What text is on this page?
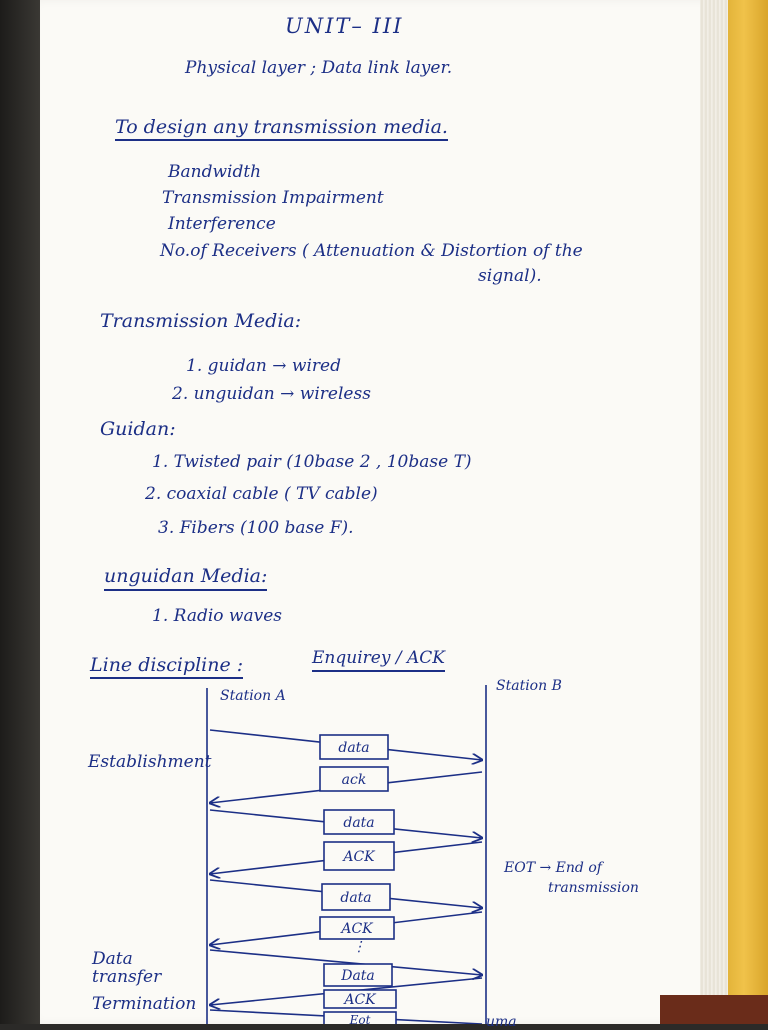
UNIT– III
Physical layer ; Data link layer.
To design any transmission media.
Bandwidth
Transmission Impairment
Interference
No.of Receivers ( Attenuation & Distortion of the
signal).
Transmission Media:
1. guidan → wired
2. unguidan → wireless
Guidan:
1. Twisted pair (10base 2 , 10base T)
2. coaxial cable ( TV cable)
3. Fibers (100 base F).
unguidan Media:
1. Radio waves
Line discipline :	Enquirey / ACK
Station A
Station B
Establishment
Data transfer
Termination
EOT → End of
transmission
uma
⋮
data
ack
data
ACK
data
ACK
Data
ACK
Eot
